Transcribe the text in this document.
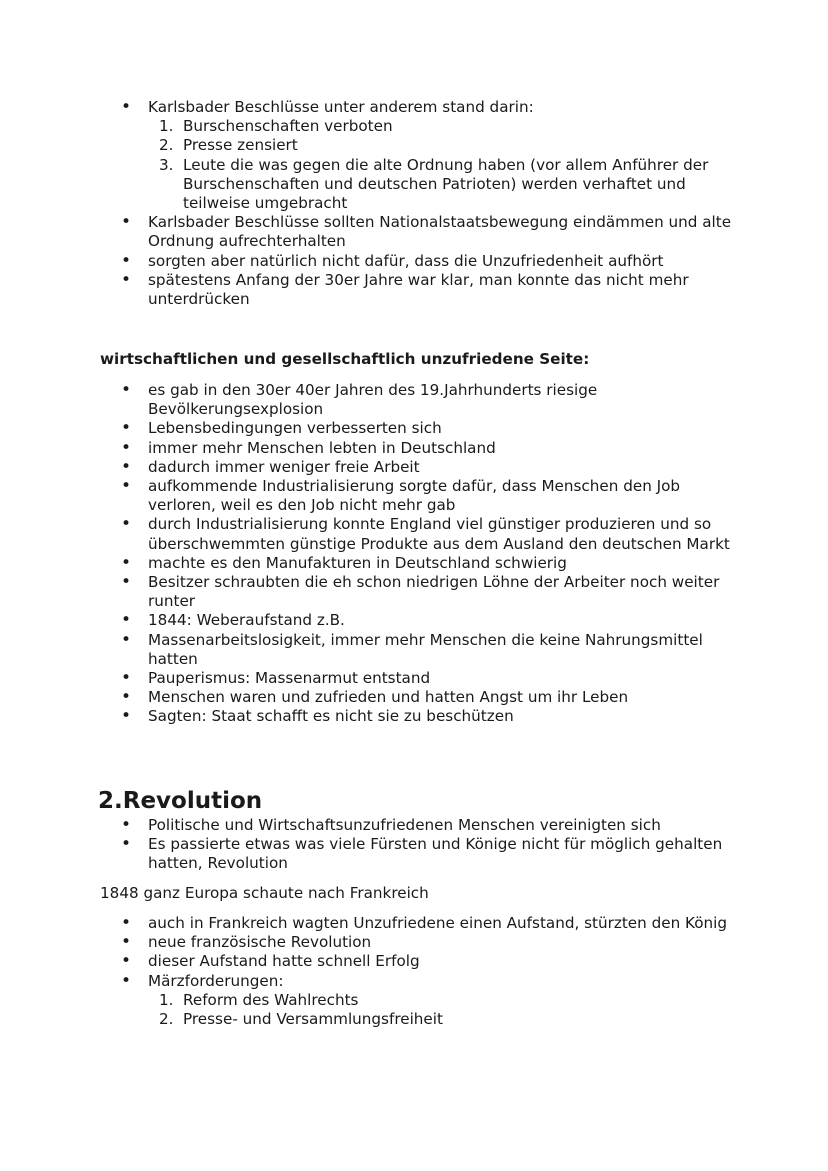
• Karlsbader Beschlüsse unter anderem stand darin:
1. Burschenschaften verboten
2. Presse zensiert
3. Leute die was gegen die alte Ordnung haben (vor allem Anführer der Burschenschaften und deutschen Patrioten) werden verhaftet und teilweise umgebracht
• Karlsbader Beschlüsse sollten Nationalstaatsbewegung eindämmen und alte Ordnung aufrechterhalten
• sorgten aber natürlich nicht dafür, dass die Unzufriedenheit aufhört
• spätestens Anfang der 30er Jahre war klar, man konnte das nicht mehr unterdrücken
wirtschaftlichen und gesellschaftlich unzufriedene Seite:
• es gab in den 30er 40er Jahren des 19.Jahrhunderts riesige Bevölkerungsexplosion
• Lebensbedingungen verbesserten sich
• immer mehr Menschen lebten in Deutschland
• dadurch immer weniger freie Arbeit
• aufkommende Industrialisierung sorgte dafür, dass Menschen den Job verloren, weil es den Job nicht mehr gab
• durch Industrialisierung konnte England viel günstiger produzieren und so überschwemmten günstige Produkte aus dem Ausland den deutschen Markt
• machte es den Manufakturen in Deutschland schwierig
• Besitzer schraubten die eh schon niedrigen Löhne der Arbeiter noch weiter runter
• 1844: Weberaufstand z.B.
• Massenarbeitslosigkeit, immer mehr Menschen die keine Nahrungsmittel hatten
• Pauperismus: Massenarmut entstand
• Menschen waren und zufrieden und hatten Angst um ihr Leben
• Sagten: Staat schafft es nicht sie zu beschützen
2.Revolution
• Politische und Wirtschaftsunzufriedenen Menschen vereinigten sich
• Es passierte etwas was viele Fürsten und Könige nicht für möglich gehalten hatten, Revolution
1848 ganz Europa schaute nach Frankreich
• auch in Frankreich wagten Unzufriedene einen Aufstand, stürzten den König
• neue französische Revolution
• dieser Aufstand hatte schnell Erfolg
• Märzforderungen:
1. Reform des Wahlrechts
2. Presse- und Versammlungsfreiheit
